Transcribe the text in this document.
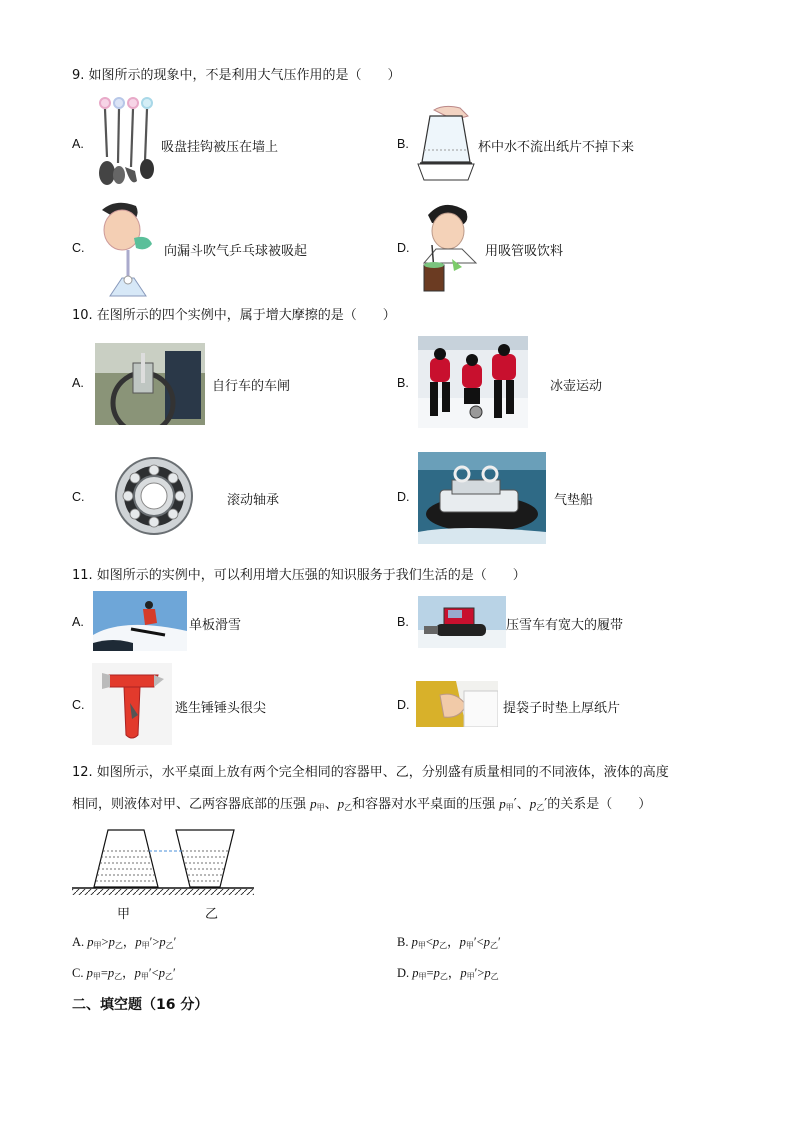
9. 如图所示的现象中，不是利用大气压作用的是（　　）
A.	吸盘挂钩被压在墙上	B.	杯中水不流出纸片不掉下来
C.	向漏斗吹气乒乓球被吸起	D.	用吸管吸饮料
10. 在图所示的四个实例中，属于增大摩擦的是（　　）
A.	自行车的车闸	B.	冰壶运动
C.	滚动轴承	D.	气垫船
11. 如图所示的实例中，可以利用增大压强的知识服务于我们生活的是（　　）
A.	单板滑雪	B.	压雪车有宽大的履带
C.	逃生锤锤头很尖	D.	提袋子时垫上厚纸片
12. 如图所示，水平桌面上放有两个完全相同的容器甲、乙，分别盛有质量相同的不同液体，液体的高度
相同，则液体对甲、乙两容器底部的压强 $p_甲$、$p_乙$和容器对水平桌面的压强 $p_甲'$、$p_乙'$的关系是（　　）
甲	乙
A. $p_甲>p_乙$，$p_甲'>p_乙'$	B. $p_甲<p_乙$，$p_甲'<p_乙'$
C. $p_甲=p_乙$，$p_甲'<p_乙'$	D. $p_甲=p_乙$，$p_甲'>p_乙$
二、填空题（16 分）
